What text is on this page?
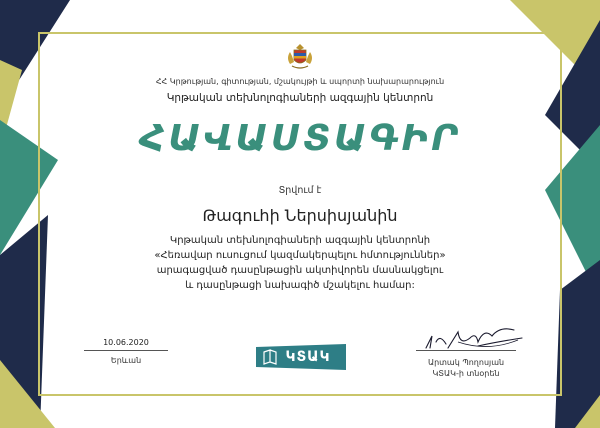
ՀՀ Կրթության, գիտության, մշակույթի և սպորտի նախարարություն
Կրթական տեխնոլոգիաների ազգային կենտրոն
ՀԱՎԱՍՏԱԳԻՐ
Տրվում է
Թագուհի Ներսիսյանին
Կրթական տեխնոլոգիաների ազգային կենտրոնի
«Հեռավար ուսուցում կազմակերպելու հմտություններ»
արագացված դասընթացին ակտիվորեն մասնակցելու
և դասընթացի նախագիծ մշակելու համար:
10.06.2020
Երևան	ԿՏԱԿ	Արտակ Պողոսյան
ԿՏԱԿ-ի տնօրեն
